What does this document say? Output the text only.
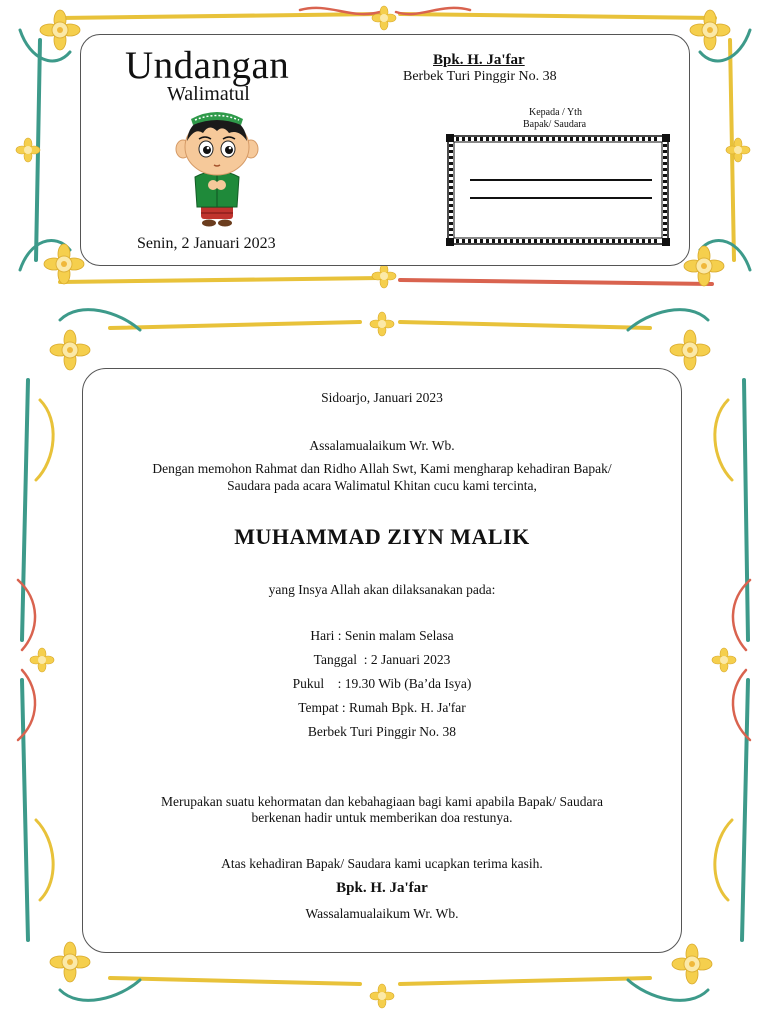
Undangan
Walimatul
Senin, 2 Januari 2023
Bpk. H. Ja'far
Berbek Turi Pinggir No. 38
Kepada / Yth
Bapak/ Saudara
Sidoarjo, Januari 2023
Assalamualaikum Wr. Wb.
Dengan memohon Rahmat dan Ridho Allah Swt, Kami mengharap kehadiran Bapak/
Saudara pada acara Walimatul Khitan cucu kami tercinta,
MUHAMMAD ZIYN MALIK
yang Insya Allah akan dilaksanakan pada:
Hari : Senin malam Selasa
Tanggal  : 2 Januari 2023
Pukul    : 19.30 Wib (Ba’da Isya)
Tempat : Rumah Bpk. H. Ja'far
Berbek Turi Pinggir No. 38
Merupakan suatu kehormatan dan kebahagiaan bagi kami apabila Bapak/ Saudara
berkenan hadir untuk memberikan doa restunya.
Atas kehadiran Bapak/ Saudara kami ucapkan terima kasih.
Bpk. H. Ja'far
Wassalamualaikum Wr. Wb.
